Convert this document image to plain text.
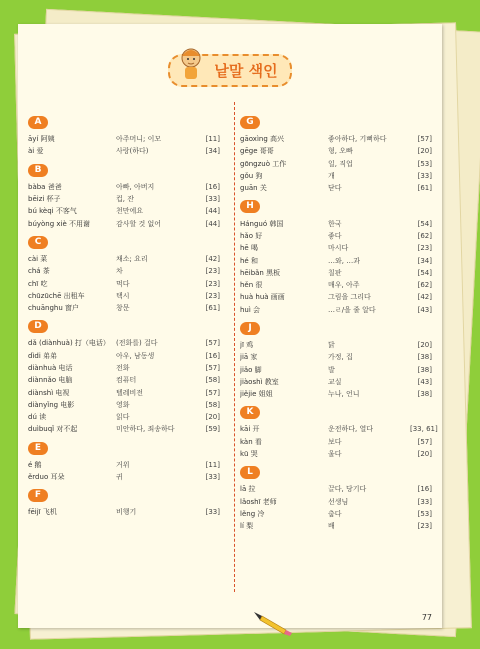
낱말 색인
A
āyí 阿姨	아주머니; 이모	[11]
ài 爱	사랑(하다)	[34]
B
bàba 爸爸	아빠, 아버지	[16]
bēizi 杯子	컵, 잔	[33]
bú kèqi 不客气	천만에요	[44]
búyòng xiè 不用谢	감사할 것 없어	[44]
C
cài 菜	채소; 요리	[42]
chá 茶	차	[23]
chī 吃	먹다	[23]
chūzūchē 出租车	택시	[23]
chuānghu 窗户	창문	[61]
D
dǎ (diànhuà) 打（电话） (전화를) 걸다	[57]
dìdi 弟弟	아우, 남동생	[16]
diànhuà 电话	전화	[57]
diànnǎo 电脑	컴퓨터	[58]
diànshì 电视	텔레비전	[57]
diànyǐng 电影	영화	[58]
dú 读	읽다	[20]
duìbuqǐ 对不起	미안하다, 죄송하다	[59]
E
é 鹅	거위	[11]
ěrduo 耳朵	귀	[33]
F
fēijī 飞机	비행기	[33]
G
gāoxìng 高兴	좋아하다, 기뻐하다	[57]
gēge 哥哥	형, 오빠	[20]
gōngzuò 工作	일, 직업	[53]
gǒu 狗	개	[33]
guān 关	닫다	[61]
H
Hánguó 韩国	한국	[54]
hǎo 好	좋다	[62]
hē 喝	마시다	[23]
hé 和	…와, …과	[34]
hēibǎn 黑板	칠판	[54]
hěn 很	매우, 아주	[62]
huà huà 画画	그림을 그리다	[42]
huì 会	…ㄹ/을 줄 알다	[43]
J
jī 鸡	닭	[20]
jiā 家	가정, 집	[38]
jiǎo 脚	발	[38]
jiàoshì 教室	교실	[43]
jiějie 姐姐	누나, 언니	[38]
K
kāi 开	운전하다, 열다	[33, 61]
kàn 看	보다	[57]
kū 哭	울다	[20]
L
lā 拉	끌다, 당기다	[16]
lǎoshī 老师	선생님	[33]
lěng 冷	춥다	[53]
lí 梨	배	[23]
77
